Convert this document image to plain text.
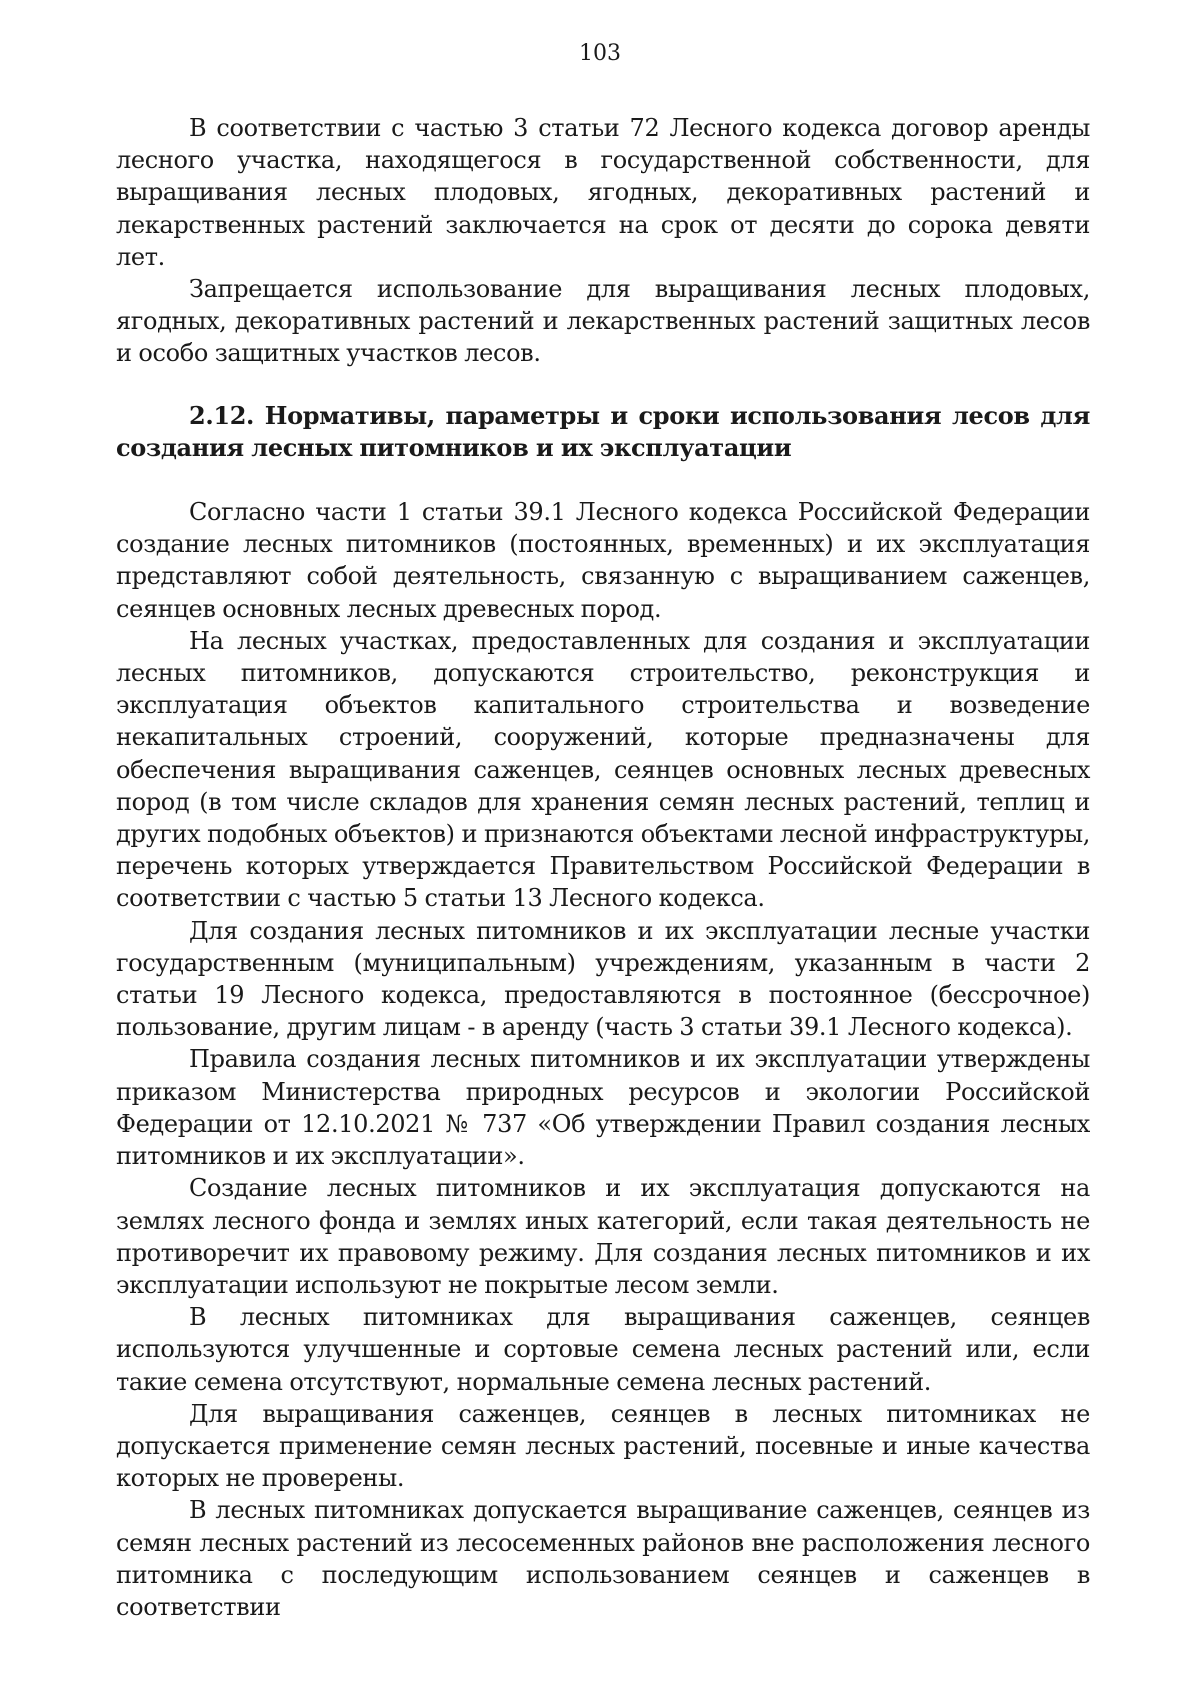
103

В соответствии с частью 3 статьи 72 Лесного кодекса договор аренды лесного участка, находящегося в государственной собственности, для выращивания лесных плодовых, ягодных, декоративных растений и лекарственных растений заключается на срок от десяти до сорока девяти лет.

Запрещается использование для выращивания лесных плодовых, ягодных, декоративных растений и лекарственных растений защитных лесов и особо защитных участков лесов.

2.12. Нормативы, параметры и сроки использования лесов для создания лесных питомников и их эксплуатации

Согласно части 1 статьи 39.1 Лесного кодекса Российской Федерации создание лесных питомников (постоянных, временных) и их эксплуатация представляют собой деятельность, связанную с выращиванием саженцев, сеянцев основных лесных древесных пород.

На лесных участках, предоставленных для создания и эксплуатации лесных питомников, допускаются строительство, реконструкция и эксплуатация объектов капитального строительства и возведение некапитальных строений, сооружений, которые предназначены для обеспечения выращивания саженцев, сеянцев основных лесных древесных пород (в том числе складов для хранения семян лесных растений, теплиц и других подобных объектов) и признаются объектами лесной инфраструктуры, перечень которых утверждается Правительством Российской Федерации в соответствии с частью 5 статьи 13 Лесного кодекса.

Для создания лесных питомников и их эксплуатации лесные участки государственным (муниципальным) учреждениям, указанным в части 2 статьи 19 Лесного кодекса, предоставляются в постоянное (бессрочное) пользование, другим лицам - в аренду (часть 3 статьи 39.1 Лесного кодекса).

Правила создания лесных питомников и их эксплуатации утверждены приказом Министерства природных ресурсов и экологии Российской Федерации от 12.10.2021 № 737 «Об утверждении Правил создания лесных питомников и их эксплуатации».

Создание лесных питомников и их эксплуатация допускаются на землях лесного фонда и землях иных категорий, если такая деятельность не противоречит их правовому режиму. Для создания лесных питомников и их эксплуатации используют не покрытые лесом земли.

В лесных питомниках для выращивания саженцев, сеянцев используются улучшенные и сортовые семена лесных растений или, если такие семена отсутствуют, нормальные семена лесных растений.

Для выращивания саженцев, сеянцев в лесных питомниках не допускается применение семян лесных растений, посевные и иные качества которых не проверены.

В лесных питомниках допускается выращивание саженцев, сеянцев из семян лесных растений из лесосеменных районов вне расположения лесного питомника с последующим использованием сеянцев и саженцев в соответствии
